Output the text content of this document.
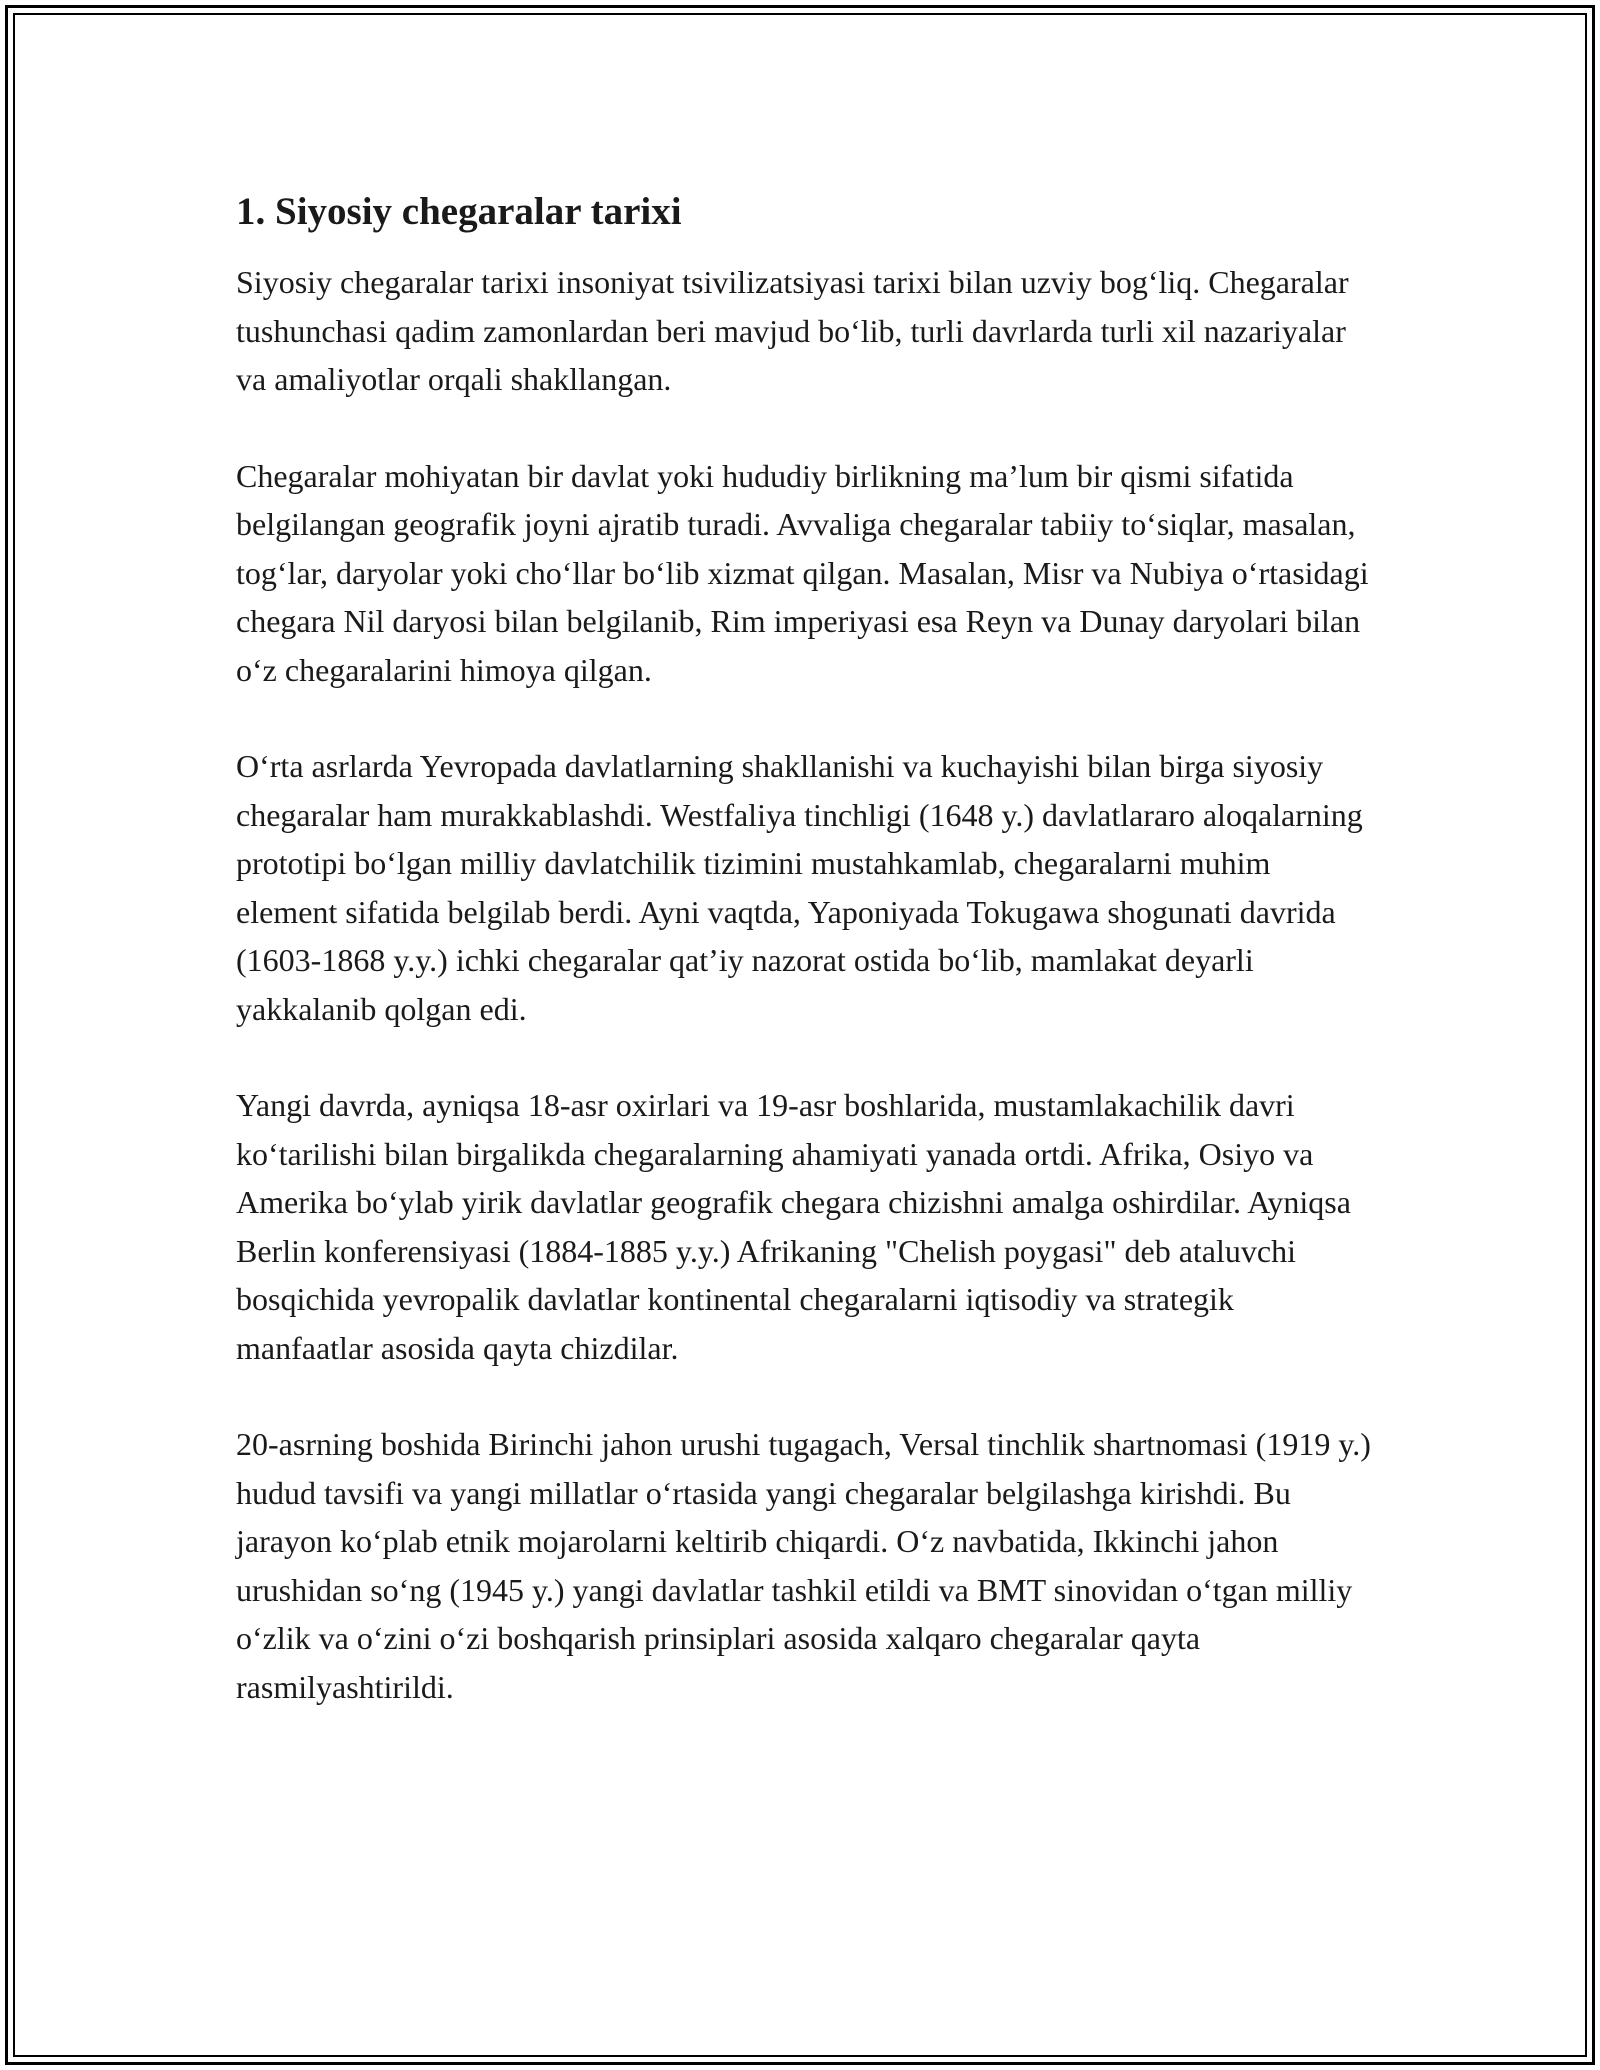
1. Siyosiy chegaralar tarixi

Siyosiy chegaralar tarixi insoniyat tsivilizatsiyasi tarixi bilan uzviy bog‘liq. Chegaralar tushunchasi qadim zamonlardan beri mavjud bo‘lib, turli davrlarda turli xil nazariyalar va amaliyotlar orqali shakllangan.

Chegaralar mohiyatan bir davlat yoki hududiy birlikning ma’lum bir qismi sifatida belgilangan geografik joyni ajratib turadi. Avvaliga chegaralar tabiiy to‘siqlar, masalan, tog‘lar, daryolar yoki cho‘llar bo‘lib xizmat qilgan. Masalan, Misr va Nubiya o‘rtasidagi chegara Nil daryosi bilan belgilanib, Rim imperiyasi esa Reyn va Dunay daryolari bilan o‘z chegaralarini himoya qilgan.

O‘rta asrlarda Yevropada davlatlarning shakllanishi va kuchayishi bilan birga siyosiy chegaralar ham murakkablashdi. Westfaliya tinchligi (1648 y.) davlatlararo aloqalarning prototipi bo‘lgan milliy davlatchilik tizimini mustahkamlab, chegaralarni muhim element sifatida belgilab berdi. Ayni vaqtda, Yaponiyada Tokugawa shogunati davrida (1603-1868 y.y.) ichki chegaralar qat’iy nazorat ostida bo‘lib, mamlakat deyarli yakkalanib qolgan edi.

Yangi davrda, ayniqsa 18-asr oxirlari va 19-asr boshlarida, mustamlakachilik davri ko‘tarilishi bilan birgalikda chegaralarning ahamiyati yanada ortdi. Afrika, Osiyo va Amerika bo‘ylab yirik davlatlar geografik chegara chizishni amalga oshirdilar. Ayniqsa Berlin konferensiyasi (1884-1885 y.y.) Afrikaning "Chelish poygasi" deb ataluvchi bosqichida yevropalik davlatlar kontinental chegaralarni iqtisodiy va strategik manfaatlar asosida qayta chizdilar.

20-asrning boshida Birinchi jahon urushi tugagach, Versal tinchlik shartnomasi (1919 y.) hudud tavsifi va yangi millatlar o‘rtasida yangi chegaralar belgilashga kirishdi. Bu jarayon ko‘plab etnik mojarolarni keltirib chiqardi. O‘z navbatida, Ikkinchi jahon urushidan so‘ng (1945 y.) yangi davlatlar tashkil etildi va BMT sinovidan o‘tgan milliy o‘zlik va o‘zini o‘zi boshqarish prinsiplari asosida xalqaro chegaralar qayta rasmilyashtirildi.
